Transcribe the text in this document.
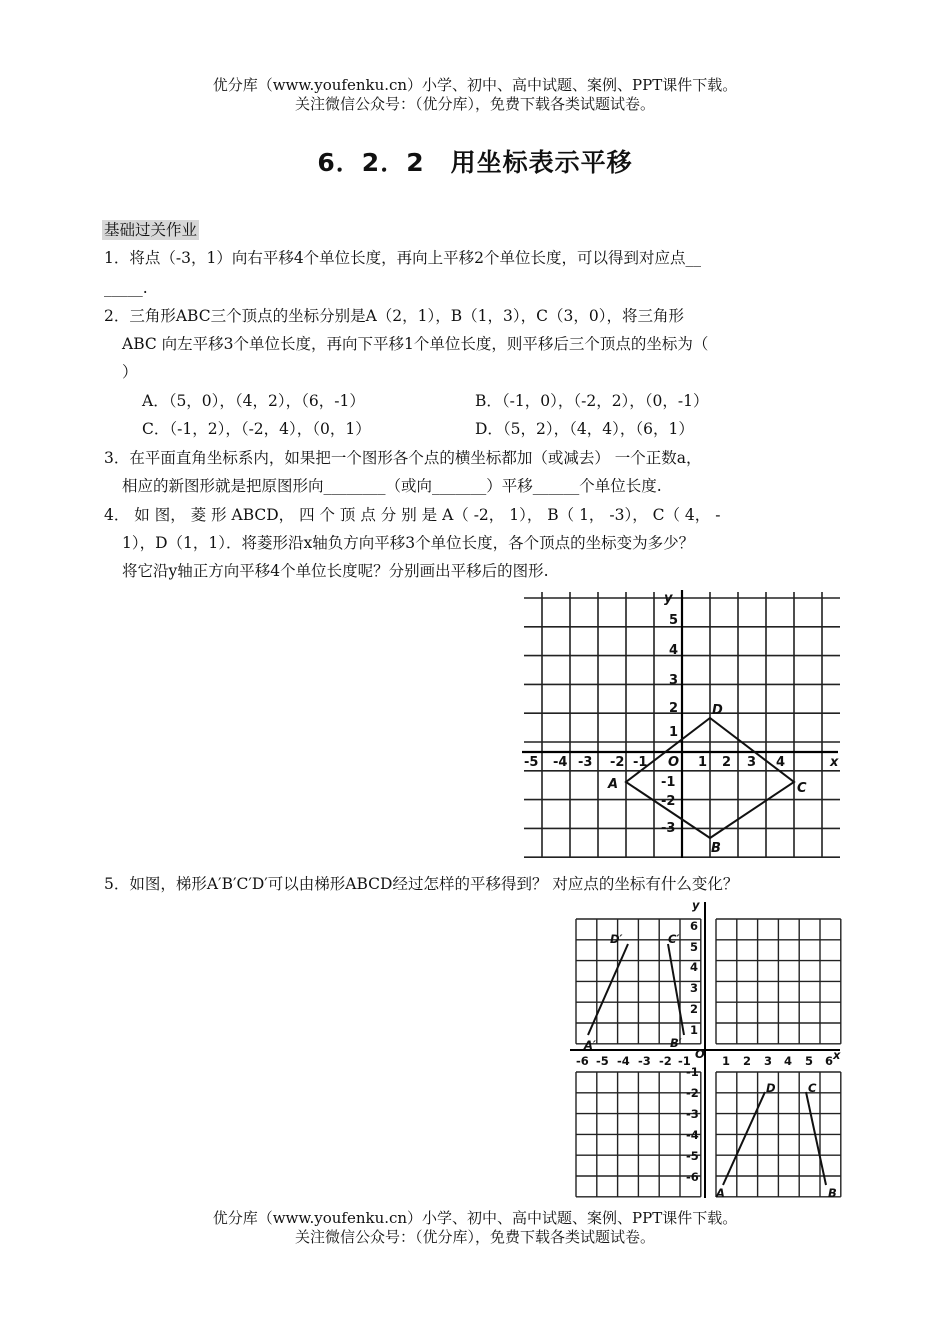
优分库（www.youfenku.cn）小学、初中、高中试题、案例、PPT课件下载。
关注微信公众号：（优分库），免费下载各类试题试卷。
6．2．2　用坐标表示平移
基础过关作业
1．将点（-3，1）向右平移4个单位长度，再向上平移2个单位长度，可以得到对应点__
_____.
2．三角形ABC三个顶点的坐标分别是A（2，1），B（1，3），C（3，0），将三角形
ABC 向左平移3个单位长度，再向下平移1个单位长度，则平移后三个顶点的坐标为（
）
A．（5，0），（4，2），（6，-1）	B．（-1，0），（-2，2），（0，-1）
C．（-1，2），（-2，4），（0，1）	D．（5，2），（4，4），（6，1）
3．在平面直角坐标系内，如果把一个图形各个点的横坐标都加（或减去） 一个正数a，
相应的新图形就是把原图形向________（或向_______）平移______个单位长度.
4． 如 图， 菱 形 ABCD， 四 个 顶 点 分 别 是 A（ -2， 1）， B（ 1， -3）， C（ 4， -
1），D（1，1）．将菱形沿x轴负方向平移3个单位长度，各个顶点的坐标变为多少？
将它沿y轴正方向平移4个单位长度呢？分别画出平移后的图形.
-5 -4 -3 -2 -1	1 2 3 4
5
4
3
2
1
-1
-2
-3
O	x
y
A
B
C
D
5．如图，梯形A′B′C′D′可以由梯形ABCD经过怎样的平移得到？ 对应点的坐标有什么变化？
-6 -5 -4 -3 -2 -1	1 2 3 4 5 6
6
5
4
3
2
1
-1
-2
-3
-4
-5
-6
O	x
y
D′	C′
A′	B′
D	C
A	B
优分库（www.youfenku.cn）小学、初中、高中试题、案例、PPT课件下载。
关注微信公众号：（优分库），免费下载各类试题试卷。
